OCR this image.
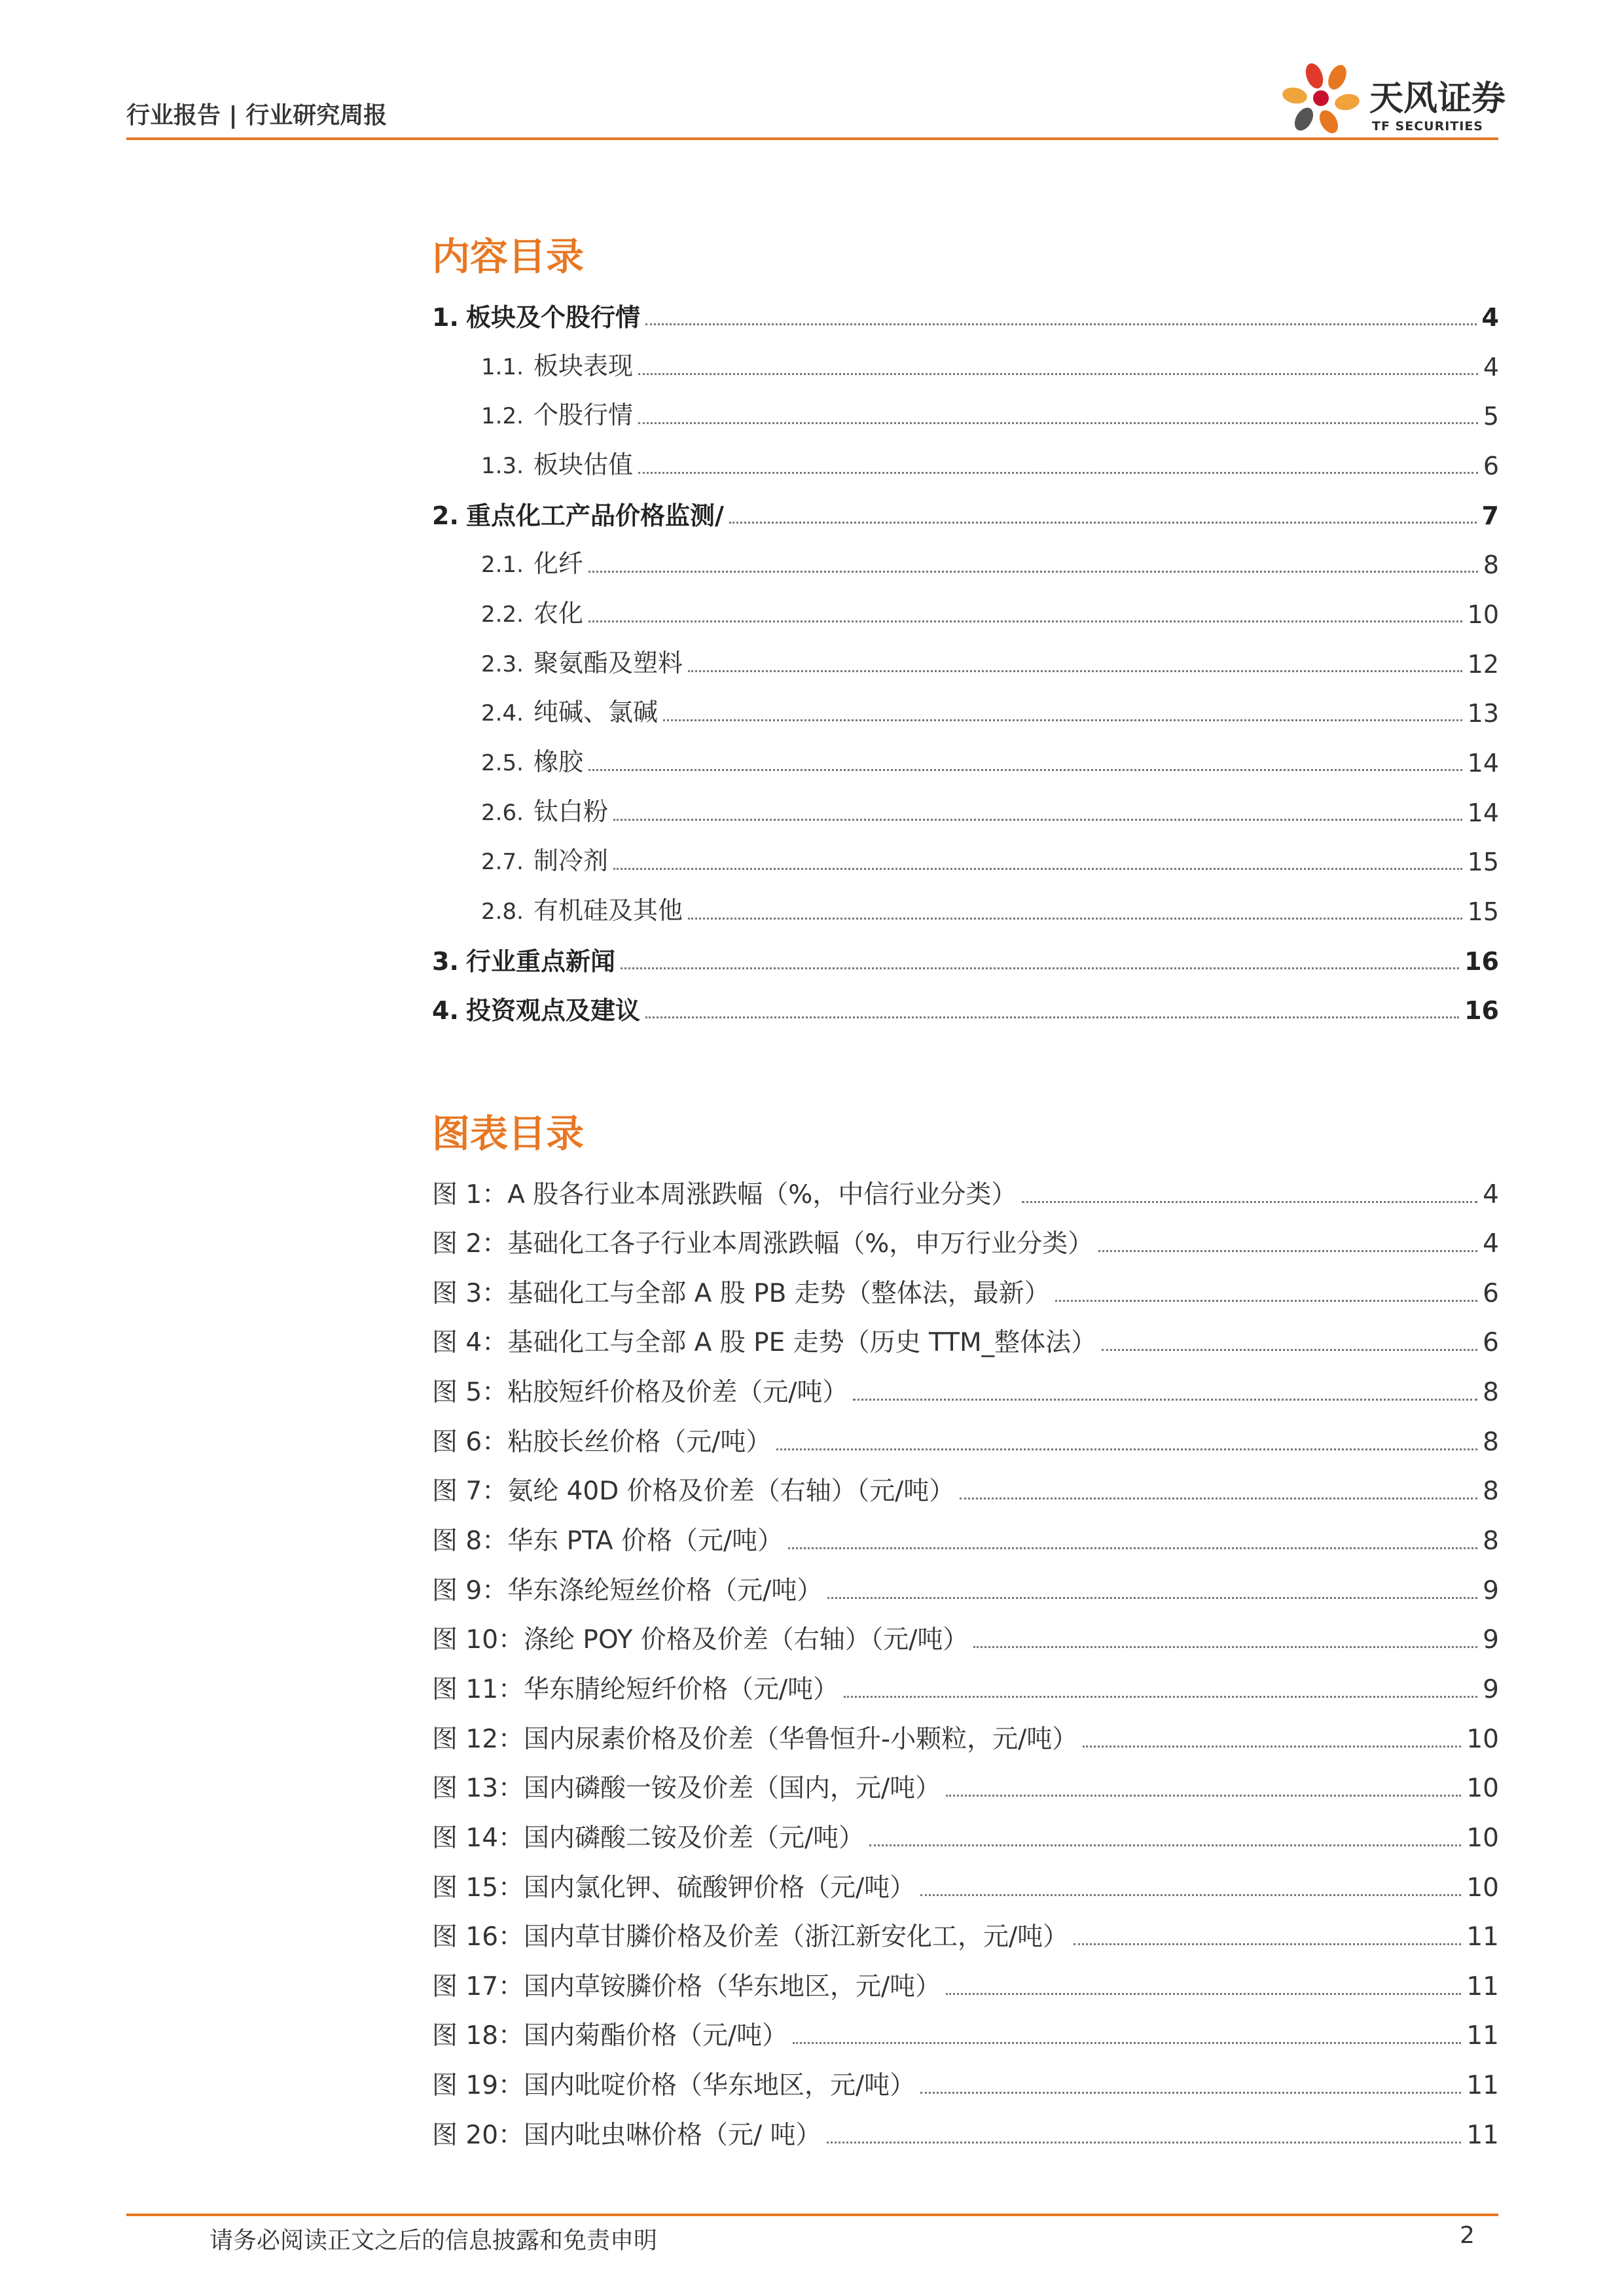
行业报告 | 行业研究周报	天风证券
TF SECURITIES
内容目录
1. 板块及个股行情	4
1.1. 板块表现	4
1.2. 个股行情	5
1.3. 板块估值	6
2. 重点化工产品价格监测/	7
2.1. 化纤	8
2.2. 农化	10
2.3. 聚氨酯及塑料	12
2.4. 纯碱、氯碱	13
2.5. 橡胶	14
2.6. 钛白粉	14
2.7. 制冷剂	15
2.8. 有机硅及其他	15
3. 行业重点新闻	16
4. 投资观点及建议	16
图表目录
图 1：A 股各行业本周涨跌幅（%，中信行业分类）	4
图 2：基础化工各子行业本周涨跌幅（%，申万行业分类）	4
图 3：基础化工与全部 A 股 PB 走势（整体法，最新）	6
图 4：基础化工与全部 A 股 PE 走势（历史 TTM_整体法）	6
图 5：粘胶短纤价格及价差（元/吨）	8
图 6：粘胶长丝价格（元/吨）	8
图 7：氨纶 40D 价格及价差（右轴）（元/吨）	8
图 8：华东 PTA 价格（元/吨）	8
图 9：华东涤纶短丝价格（元/吨）	9
图 10：涤纶 POY 价格及价差（右轴）（元/吨）	9
图 11：华东腈纶短纤价格（元/吨）	9
图 12：国内尿素价格及价差（华鲁恒升-小颗粒，元/吨）	10
图 13：国内磷酸一铵及价差（国内，元/吨）	10
图 14：国内磷酸二铵及价差（元/吨）	10
图 15：国内氯化钾、硫酸钾价格（元/吨）	10
图 16：国内草甘膦价格及价差（浙江新安化工，元/吨）	11
图 17：国内草铵膦价格（华东地区，元/吨）	11
图 18：国内菊酯价格（元/吨）	11
图 19：国内吡啶价格（华东地区，元/吨）	11
图 20：国内吡虫啉价格（元/ 吨）	11
请务必阅读正文之后的信息披露和免责申明	2
